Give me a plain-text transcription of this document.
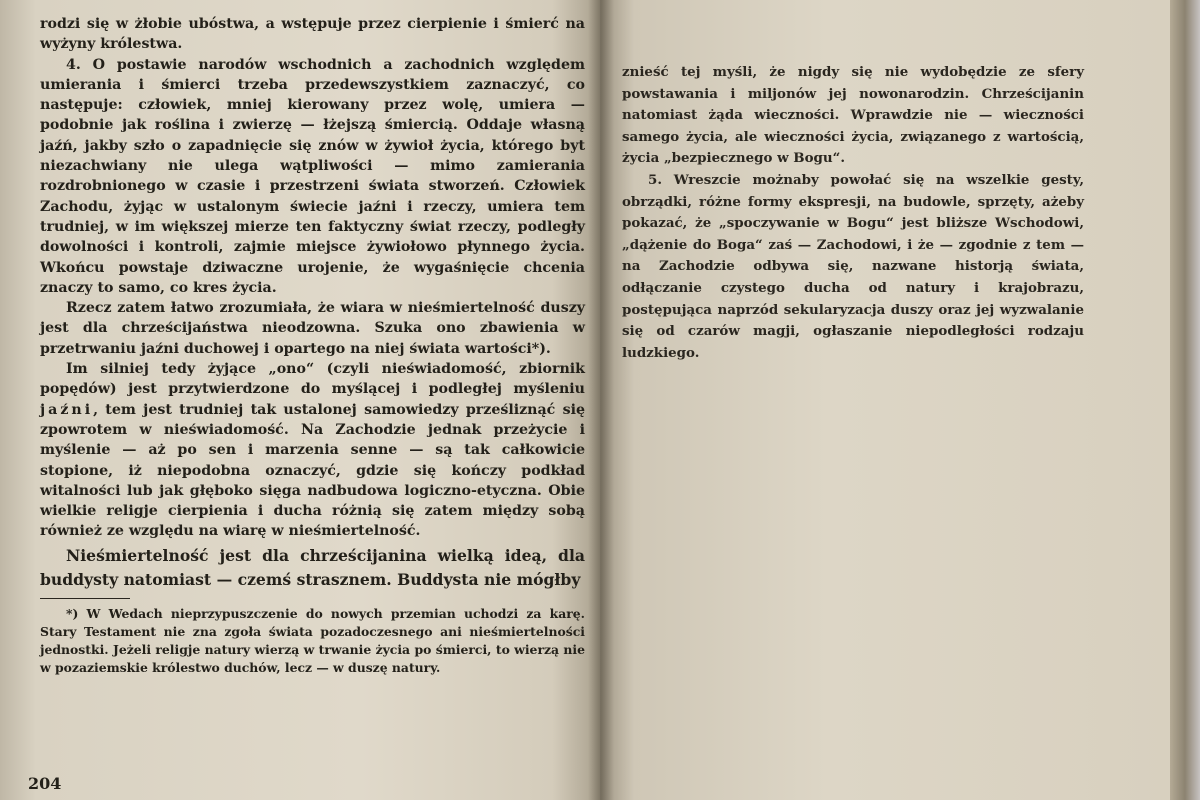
rodzi się w żłobie ubóstwa, a wstępuje przez cierpienie i śmierć na wyżyny królestwa.

4. O postawie narodów wschodnich a zachodnich względem umierania i śmierci trzeba przedewszystkiem zaznaczyć, co następuje: człowiek, mniej kierowany przez wolę, umiera — podobnie jak roślina i zwierzę — łżejszą śmiercią. Oddaje własną jaźń, jakby szło o zapadnięcie się znów w żywioł życia, którego byt niezachwiany nie ulega wątpliwości — mimo zamierania rozdrobnionego w czasie i przestrzeni świata stworzeń. Człowiek Zachodu, żyjąc w ustalonym świecie jaźni i rzeczy, umiera tem trudniej, w im większej mierze ten faktyczny świat rzeczy, podległy dowolności i kontroli, zajmie miejsce żywiołowo płynnego życia. Wkońcu powstaje dziwaczne urojenie, że wygaśnięcie chcenia znaczy to samo, co kres życia.

Rzecz zatem łatwo zrozumiała, że wiara w nieśmiertelność duszy jest dla chrześcijaństwa nieodzowna. Szuka ono zbawienia w przetrwaniu jaźni duchowej i opartego na niej świata wartości*).

Im silniej tedy żyjące „ono“ (czyli nieświadomość, zbiornik popędów) jest przytwierdzone do myślącej i podległej myśleniu jaźni, tem jest trudniej tak ustalonej samowiedzy prześliznąć się zpowrotem w nieświadomość. Na Zachodzie jednak przeżycie i myślenie — aż po sen i marzenia senne — są tak całkowicie stopione, iż niepodobna oznaczyć, gdzie się kończy podkład witalności lub jak głęboko sięga nadbudowa logiczno-etyczna. Obie wielkie religje cierpienia i ducha różnią się zatem między sobą również ze względu na wiarę w nieśmiertelność.

Nieśmiertelność jest dla chrześcijanina wielką ideą, dla buddysty natomiast — czemś strasznem. Buddysta nie mógłby

*) W Wedach nieprzypuszczenie do nowych przemian uchodzi za karę. Stary Testament nie zna zgoła świata pozadoczesnego ani nieśmiertelności jednostki. Jeżeli religje natury wierzą w trwanie życia po śmierci, to wierzą nie w pozaziemskie królestwo duchów, lecz — w duszę natury.

204

znieść tej myśli, że nigdy się nie wydobędzie ze sfery powstawania i miljonów jej nowonarodzin. Chrześcijanin natomiast żąda wieczności. Wprawdzie nie — wieczności samego życia, ale wieczności życia, związanego z wartością, życia „bezpiecznego w Bogu“.

5. Wreszcie możnaby powołać się na wszelkie gesty, obrządki, różne formy ekspresji, na budowle, sprzęty, ażeby pokazać, że „spoczywanie w Bogu“ jest bliższe Wschodowi, „dążenie do Boga“ zaś — Zachodowi, i że — zgodnie z tem — na Zachodzie odbywa się, nazwane historją świata, odłączanie czystego ducha od natury i krajobrazu, postępująca naprzód sekularyzacja duszy oraz jej wyzwalanie się od czarów magji, ogłaszanie niepodległości rodzaju ludzkiego.
